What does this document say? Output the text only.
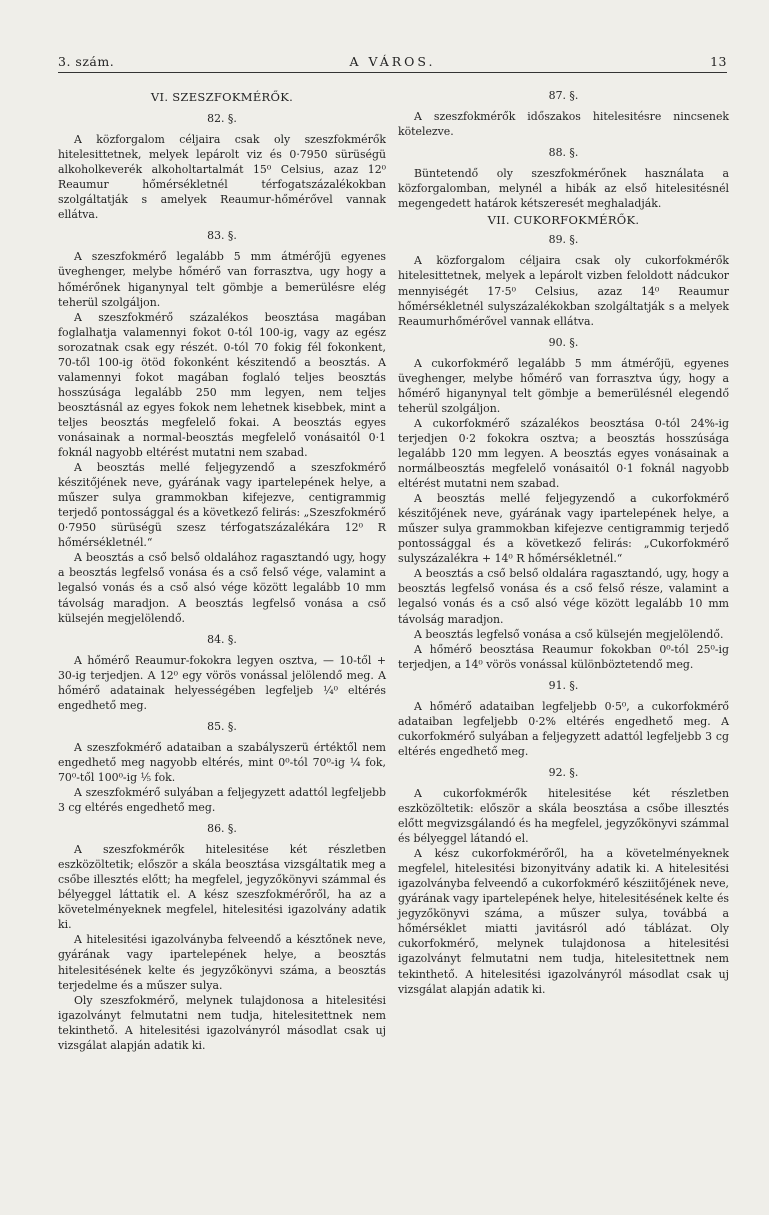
3. szám.	A VÁROS.	13
VI. SZESZFOKMÉRŐK.
82. §.

A közforgalom céljaira csak oly szeszfokmérők hitelesittetnek, melyek lepárolt viz és 0·7950 sürüségü alkoholkeverék alkoholtartalmát 15⁰ Celsius, azaz 12⁰ Reaumur hőmérsékletnél térfogatszázalékokban szolgáltatják s amelyek Reaumur-hőmérővel vannak ellátva.

83. §.

A szeszfokmérő legalább 5 mm átmérőjü egyenes üveghenger, melybe hőmérő van forrasztva, ugy hogy a hőmérőnek higanynyal telt gömbje a bemerülésre elég teherül szolgáljon.

A szeszfokmérő százalékos beosztása magában foglalhatja valamennyi fokot 0-tól 100-ig, vagy az egész sorozatnak csak egy részét. 0-tól 70 fokig fél fokonkent, 70-től 100-ig ötöd fokonként készitendő a beosztás. A valamennyi fokot magában foglaló teljes beosztás hosszúsága legalább 250 mm legyen, nem teljes beosztásnál az egyes fokok nem lehetnek kisebbek, mint a teljes beosztás megfelelő fokai. A beosztás egyes vonásainak a normal-beosztás megfelelő vonásaitól 0·1 foknál nagyobb eltérést mutatni nem szabad.

A beosztás mellé feljegyzendő a szeszfokmérő készitőjének neve, gyárának vagy ipartelepének helye, a műszer sulya grammokban kifejezve, centigrammig terjedő pontossággal és a következő felirás: „Szeszfokmérő 0·7950 sürüségü szesz térfogatszázalékára 12⁰ R hőmérsékletnél.“

A beosztás a cső belső oldalához ragasztandó ugy, hogy a beosztás legfelső vonása és a cső felső vége, valamint a legalsó vonás és a cső alsó vége között legalább 10 mm távolság maradjon. A beosztás legfelső vonása a cső külsején megjelölendő.

84. §.

A hőmérő Reaumur-fokokra legyen osztva, — 10-től + 30-ig terjedjen. A 12⁰ egy vörös vonással jelölendő meg. A hőmérő adatainak helyességében legfeljeb ¼⁰ eltérés engedhető meg.

85. §.

A szeszfokmérő adataiban a szabályszerü értéktől nem engedhető meg nagyobb eltérés, mint 0⁰-tól 70⁰-ig ¼ fok, 70⁰-től 100⁰-ig ⅕ fok.

A szeszfokmérő sulyában a feljegyzett adattól legfeljebb 3 cg eltérés engedhető meg.

86. §.

A szeszfokmérők hitelesitése két részletben eszközöltetik; először a skála beosztása vizsgáltatik meg a csőbe illesztés előtt; ha megfelel, jegyzőkönyvi számmal és bélyeggel láttatik el. A kész szeszfokmérőről, ha az a követelményeknek megfelel, hitelesitési igazolvány adatik ki.

A hitelesitési igazolványba felveendő a késztőnek neve, gyárának vagy ipartelepének helye, a beosztás hitelesitésének kelte és jegyzőkönyvi száma, a beosztás terjedelme és a műszer sulya.

Oly szeszfokmérő, melynek tulajdonosa a hitelesitési igazolványt felmutatni nem tudja, hitelesitettnek nem tekinthető. A hitelesitési igazolványról másodlat csak uj vizsgálat alapján adatik ki.

87. §.

A szeszfokmérők időszakos hitelesitésre nincsenek kötelezve.

88. §.

Büntetendő oly szeszfokmérőnek használata a közforgalomban, melynél a hibák az első hitelesitésnél megengedett határok kétszeresét meghaladják.

VII. CUKORFOKMÉRŐK.
89. §.

A közforgalom céljaira csak oly cukorfokmérők hitelesittetnek, melyek a lepárolt vizben feloldott nádcukor mennyiségét 17·5⁰ Celsius, azaz 14⁰ Reaumur hőmérsékletnél sulyszázalékokban szolgáltatják s a melyek Reaumurhőmérővel vannak ellátva.

90. §.

A cukorfokmérő legalább 5 mm átmérőjü, egyenes üveghenger, melybe hőmérő van forrasztva úgy, hogy a hőmérő higanynyal telt gömbje a bemerülésnél elegendő teherül szolgáljon.

A cukorfokmérő százalékos beosztása 0-tól 24%-ig terjedjen 0·2 fokokra osztva; a beosztás hosszúsága legalább 120 mm legyen. A beosztás egyes vonásainak a normálbeosztás megfelelő vonásaitól 0·1 foknál nagyobb eltérést mutatni nem szabad.

A beosztás mellé feljegyzendő a cukorfokmérő készitőjének neve, gyárának vagy ipartelepének helye, a műszer sulya grammokban kifejezve centigrammig terjedő pontossággal és a következő felirás: „Cukorfokmérő sulyszázalékra + 14⁰ R hőmérsékletnél.“

A beosztás a cső belső oldalára ragasztandó, ugy, hogy a beosztás legfelső vonása és a cső felső része, valamint a legalsó vonás és a cső alsó vége között legalább 10 mm távolság maradjon.

A beosztás legfelső vonása a cső külsején megjelölendő.

A hőmérő beosztása Reaumur fokokban 0⁰-tól 25⁰-ig terjedjen, a 14⁰ vörös vonással különböztetendő meg.

91. §.

A hőmérő adataiban legfeljebb 0·5⁰, a cukorfokmérő adataiban legfeljebb 0·2% eltérés engedhető meg. A cukorfokmérő sulyában a feljegyzett adattól legfeljebb 3 cg eltérés engedhető meg.

92. §.

A cukorfokmérők hitelesitése két részletben eszközöltetik: először a skála beosztása a csőbe illesztés előtt megvizsgálandó és ha megfelel, jegyzőkönyvi számmal és bélyeggel látandó el.

A kész cukorfokmérőről, ha a követelményeknek megfelel, hitelesitési bizonyitvány adatik ki. A hitelesitési igazolványba felveendő a cukorfokmérő késziitőjének neve, gyárának vagy ipartelepének helye, hitelesitésének kelte és jegyzőkönyvi száma, a műszer sulya, továbbá a hőmérséklet miatti javitásról adó táblázat. Oly cukorfokmérő, melynek tulajdonosa a hitelesitési igazolványt felmutatni nem tudja, hitelesitettnek nem tekinthető. A hitelesitési igazolványról másodlat csak uj vizsgálat alapján adatik ki.
